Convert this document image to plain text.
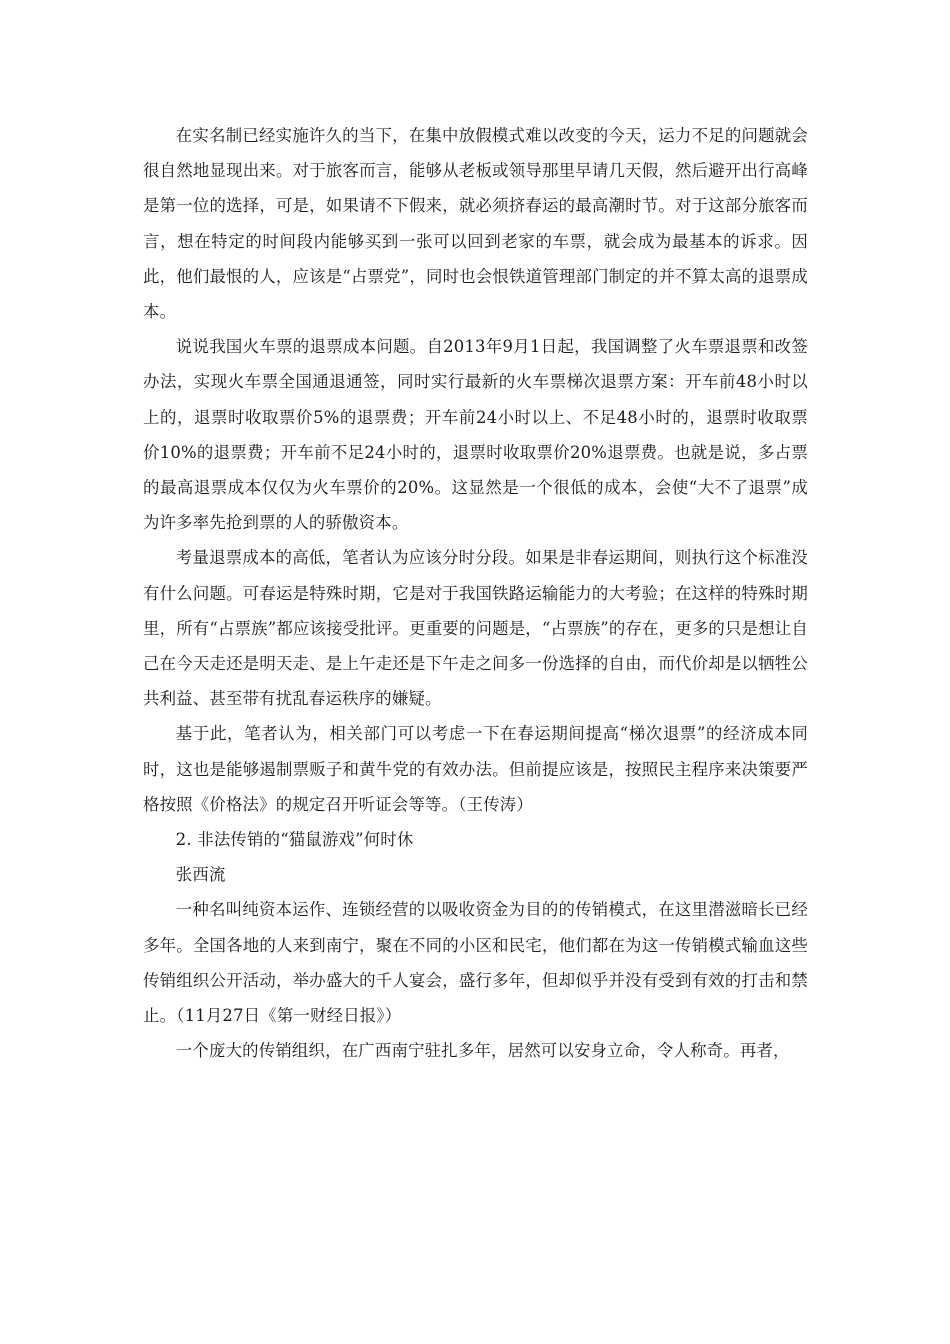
在实名制已经实施许久的当下，在集中放假模式难以改变的今天，运力不足的问题就会很自然地显现出来。对于旅客而言，能够从老板或领导那里早请几天假，然后避开出行高峰是第一位的选择，可是，如果请不下假来，就必须挤春运的最高潮时节。对于这部分旅客而言，想在特定的时间段内能够买到一张可以回到老家的车票，就会成为最基本的诉求。因此，他们最恨的人，应该是“占票党”，同时也会恨铁道管理部门制定的并不算太高的退票成本。

说说我国火车票的退票成本问题。自2013年9月1日起，我国调整了火车票退票和改签办法，实现火车票全国通退通签，同时实行最新的火车票梯次退票方案：开车前48小时以上的，退票时收取票价5%的退票费；开车前24小时以上、不足48小时的，退票时收取票价10%的退票费；开车前不足24小时的，退票时收取票价20%退票费。也就是说，多占票的最高退票成本仅仅为火车票价的20%。这显然是一个很低的成本，会使“大不了退票”成为许多率先抢到票的人的骄傲资本。

考量退票成本的高低，笔者认为应该分时分段。如果是非春运期间，则执行这个标准没有什么问题。可春运是特殊时期，它是对于我国铁路运输能力的大考验；在这样的特殊时期里，所有“占票族”都应该接受批评。更重要的问题是，“占票族”的存在，更多的只是想让自己在今天走还是明天走、是上午走还是下午走之间多一份选择的自由，而代价却是以牺牲公共利益、甚至带有扰乱春运秩序的嫌疑。

基于此，笔者认为，相关部门可以考虑一下在春运期间提高“梯次退票”的经济成本同时，这也是能够遏制票贩子和黄牛党的有效办法。但前提应该是，按照民主程序来决策要严格按照《价格法》的规定召开听证会等等。（王传涛）

2. 非法传销的“猫鼠游戏”何时休

张西流

一种名叫纯资本运作、连锁经营的以吸收资金为目的的传销模式，在这里潜滋暗长已经多年。全国各地的人来到南宁，聚在不同的小区和民宅，他们都在为这一传销模式输血这些传销组织公开活动，举办盛大的千人宴会，盛行多年，但却似乎并没有受到有效的打击和禁止。（11月27日《第一财经日报》）

一个庞大的传销组织，在广西南宁驻扎多年，居然可以安身立命，令人称奇。再者，
